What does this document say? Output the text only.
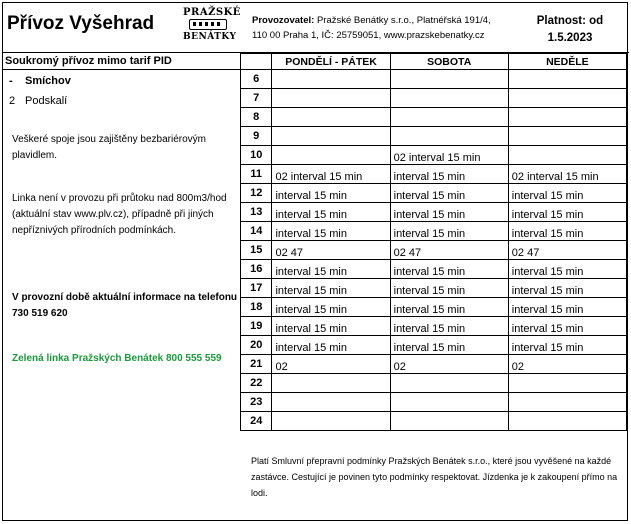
Přívoz Vyšehrad
PRAŽSKÉ
BENÁTKY
Provozovatel: Pražské Benátky s.r.o., Platnéřská 191/4,
110 00 Praha 1, IČ: 25759051, www.prazskebenatky.cz
Platnost: od
1.5.2023
Soukromý přívoz mimo tarif PID
- Smíchov
2 Podskalí
Veškeré spoje jsou zajištěny bezbariérovým plavidlem.
Linka není v provozu při průtoku nad 800m3/hod (aktuální stav www.plv.cz), případně při jiných nepříznivých přírodních podmínkách.
V provozní době aktuální informace na telefonu 730 519 620
Zelená linka Pražských Benátek 800 555 559
	PONDĚLÍ - PÁTEK	SOBOTA	NEDĚLE
6			
7			
8			
9			
10		02 interval 15 min	
11	02 interval 15 min	interval 15 min	02 interval 15 min
12	interval 15 min	interval 15 min	interval 15 min
13	interval 15 min	interval 15 min	interval 15 min
14	interval 15 min	interval 15 min	interval 15 min
15	02 47	02 47	02 47
16	interval 15 min	interval 15 min	interval 15 min
17	interval 15 min	interval 15 min	interval 15 min
18	interval 15 min	interval 15 min	interval 15 min
19	interval 15 min	interval 15 min	interval 15 min
20	interval 15 min	interval 15 min	interval 15 min
21	02	02	02
22			
23			
24			
Platí Smluvní přepravní podmínky Pražských Benátek s.r.o., které jsou vyvěšené na každé zastávce. Cestující je povinen tyto podmínky respektovat. Jízdenka je k zakoupení přímo na lodi.
